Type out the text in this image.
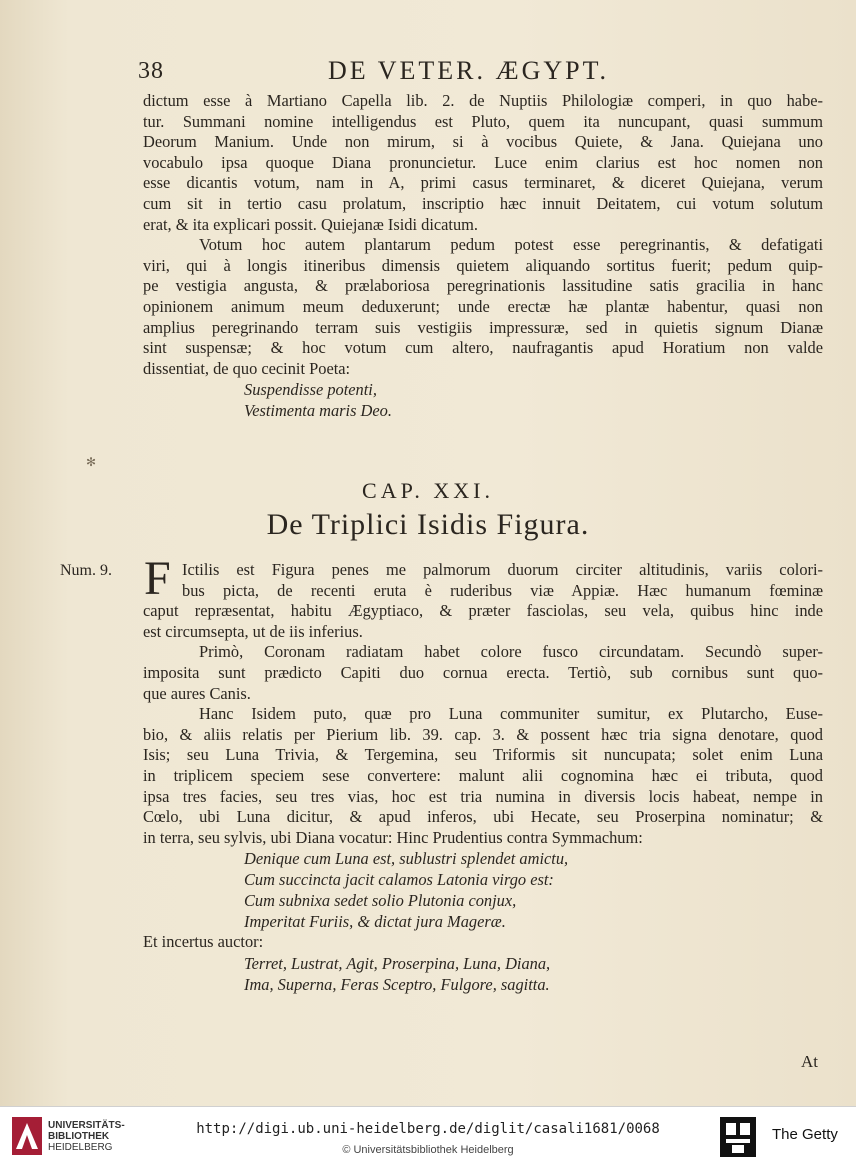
38	DE VETER. ÆGYPT.
dictum esse à Martiano Capella lib. 2. de Nuptiis Philologiæ comperi, in quo habe-
tur. Summani nomine intelligendus est Pluto, quem ita nuncupant, quasi summum
Deorum Manium. Unde non mirum, si à vocibus Quiete, & Jana. Quiejana uno
vocabulo ipsa quoque Diana pronuncietur. Luce enim clarius est hoc nomen non
esse dicantis votum, nam in A, primi casus terminaret, & diceret Quiejana, verum
cum sit in tertio casu prolatum, inscriptio hæc innuit Deitatem, cui votum solutum
erat, & ita explicari possit. Quiejanæ Isidi dicatum.
Votum hoc autem plantarum pedum potest esse peregrinantis, & defatigati
viri, qui à longis itineribus dimensis quietem aliquando sortitus fuerit; pedum quip-
pe vestigia angusta, & prælaboriosa peregrinationis lassitudine satis gracilia in hanc
opinionem animum meum deduxerunt; unde erectæ hæ plantæ habentur, quasi non
amplius peregrinando terram suis vestigiis impressuræ, sed in quietis signum Dianæ
sint suspensæ; & hoc votum cum altero, naufragantis apud Horatium non valde
dissentiat, de quo cecinit Poeta:
Suspendisse potenti,
Vestimenta maris Deo.
✻
CAP. XXI.
De Triplici Isidis Figura.
Num. 9. F Ictilis est Figura penes me palmorum duorum circiter altitudinis, variis colori-
bus picta, de recenti eruta è ruderibus viæ Appiæ. Hæc humanum fœminæ
caput repræsentat, habitu Ægyptiaco, & præter fasciolas, seu vela, quibus hinc inde
est circumsepta, ut de iis inferius.
Primò, Coronam radiatam habet colore fusco circundatam. Secundò super-
imposita sunt prædicto Capiti duo cornua erecta. Tertiò, sub cornibus sunt quo-
que aures Canis.
Hanc Isidem puto, quæ pro Luna communiter sumitur, ex Plutarcho, Euse-
bio, & aliis relatis per Pierium lib. 39. cap. 3. & possent hæc tria signa denotare, quod
Isis; seu Luna Trivia, & Tergemina, seu Triformis sit nuncupata; solet enim Luna
in triplicem speciem sese convertere: malunt alii cognomina hæc ei tributa, quod
ipsa tres facies, seu tres vias, hoc est tria numina in diversis locis habeat, nempe in
Cœlo, ubi Luna dicitur, & apud inferos, ubi Hecate, seu Proserpina nominatur; &
in terra, seu sylvis, ubi Diana vocatur: Hinc Prudentius contra Symmachum:
Denique cum Luna est, sublustri splendet amictu,
Cum succincta jacit calamos Latonia virgo est:
Cum subnixa sedet solio Plutonia conjux,
Imperitat Furiis, & dictat jura Mageræ.
Et incertus auctor:
Terret, Lustrat, Agit, Proserpina, Luna, Diana,
Ima, Superna, Feras Sceptro, Fulgore, sagitta.
At
UNIVERSITÄTS-
BIBLIOTHEK
HEIDELBERG
http://digi.ub.uni-heidelberg.de/diglit/casali1681/0068
© Universitätsbibliothek Heidelberg
The Getty
